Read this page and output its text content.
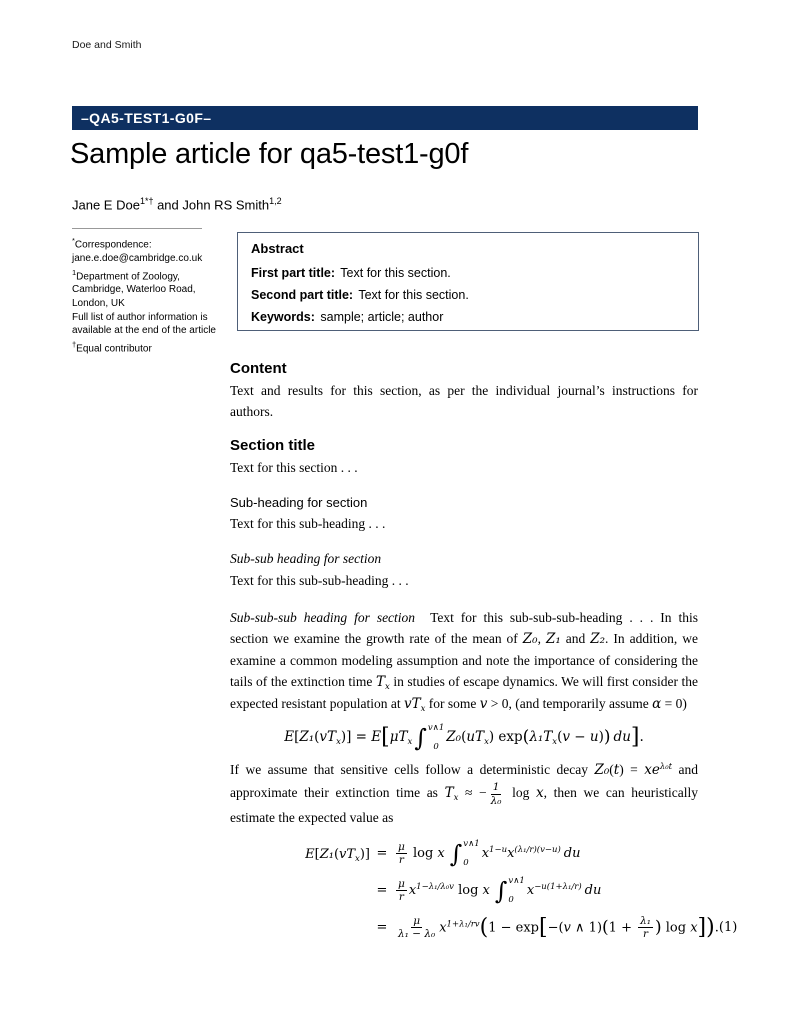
Doe and Smith
–QA5-TEST1-G0F–
Sample article for qa5-test1-g0f
Jane E Doe$^{1*\dagger}$ and John RS Smith$^{1,2}$
*Correspondence:
jane.e.doe@cambridge.co.uk
$^1$Department of Zoology,
Cambridge, Waterloo Road,
London, UK
Full list of author information is
available at the end of the article
†Equal contributor
Abstract
First part title: Text for this section.
Second part title: Text for this section.
Keywords: sample; article; author
Content

Text and results for this section, as per the individual journal’s instructions for authors.

Section title

Text for this section . . .

Sub-heading for section

Text for this sub-heading . . .

Sub-sub heading for section

Text for this sub-sub-heading . . .

Sub-sub-sub heading for section Text for this sub-sub-sub-heading . . . In this section we examine the growth rate of the mean of Z₀, Z₁ and Z₂. In addition, we examine a common modeling assumption and note the importance of considering the tails of the extinction time $T_x$ in studies of escape dynamics. We will first consider the expected resistant population at $vT_x$ for some v > 0, (and temporarily assume α = 0)

$E[Z_1(vT_x)] = E[\mu T_x$ ∫ v∧1
0
$Z_0(uT_x) \exp(\lambda_1T_x(v - u))$ du].

If we assume that sensitive cells follow a deterministic decay $Z_0(t) = xe^{\lambda_0t}$ and approximate their extinction time as $T_x$ ≈ − $\frac{1}{\text{λ₀}}$ log x, then we can heuristically estimate the expected value as

$E[Z_1(vT_x)] = \frac{\mu}{r}$ log x ∫ v∧1
0
$x^{1-u}x^{(\lambda_1/r)(v-u)}$ du
= $\frac{\mu}{r} x^{1-\lambda_1/\lambda_0v}$ log x ∫ v∧1
0
$x^{-u(1+\lambda_1/r)}$ du
= $\frac{\mu}{\text{λ₁ − λ₀}} x^{1+\lambda_1/rv}(1 - \exp[-(v$ ∧ $1)(1 + \frac{\text{λ₁}}{r}$ ) log x]). (1)
